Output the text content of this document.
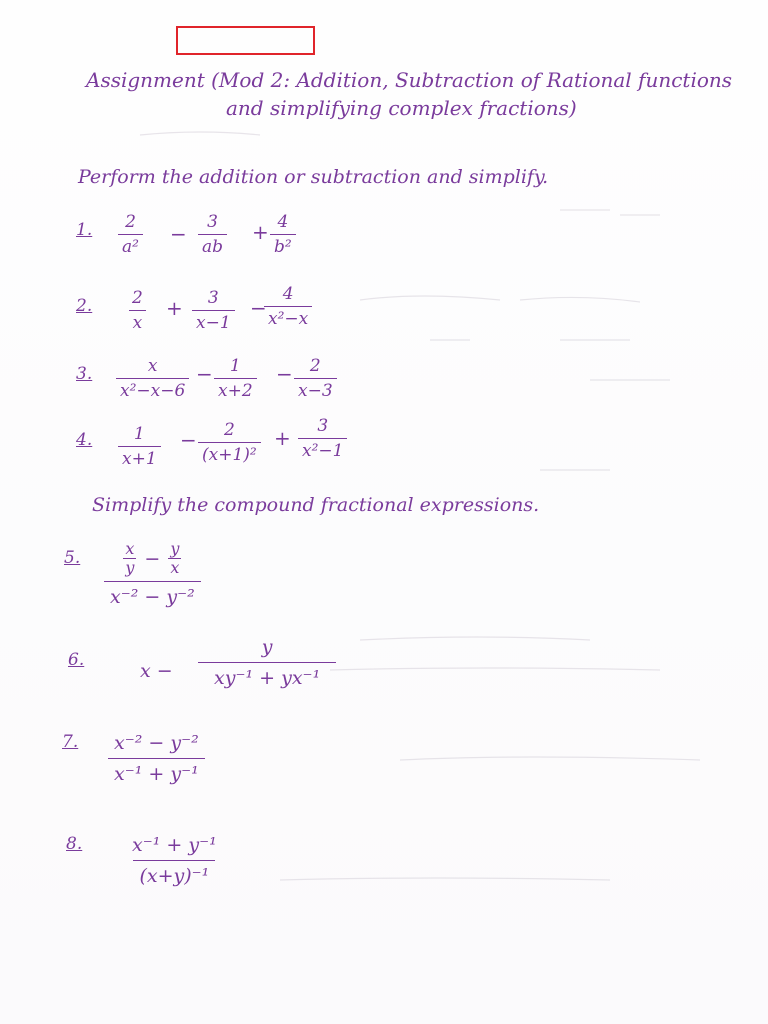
Assignment (Mod 2: Addition, Subtraction of Rational functions
and simplifying complex fractions)
Perform the addition or subtraction and simplify.
1. $\frac{2}{\text{a²}} - \frac{3}{ab} + \frac{4}{\text{b²}}$
2. $\frac{2}{x} + \frac{3}{x-1}$ −
$\frac{4}{\text{x²−x}}$
3. $\frac{x}{\text{x²−x−6}} - \frac{1}{x+2} - \frac{2}{x-3}$
4. $\frac{1}{x+1} - \frac{2}{\text{(x+1)²}} + \frac{3}{\text{x²−1}}$
Simplify the compound fractional expressions.
5. $\frac{\frac{x}{y} - \frac{y}{x}}{\text{x⁻² − y⁻²}}$
6.	$x - \frac{y}{\text{xy⁻¹ + yx⁻¹}}$
7. $\frac{\text{x⁻² − y⁻²}}{\text{x⁻¹ + y⁻¹}}$
8. $\frac{\text{x⁻¹ + y⁻¹}}{\text{(x+y)⁻¹}}$
